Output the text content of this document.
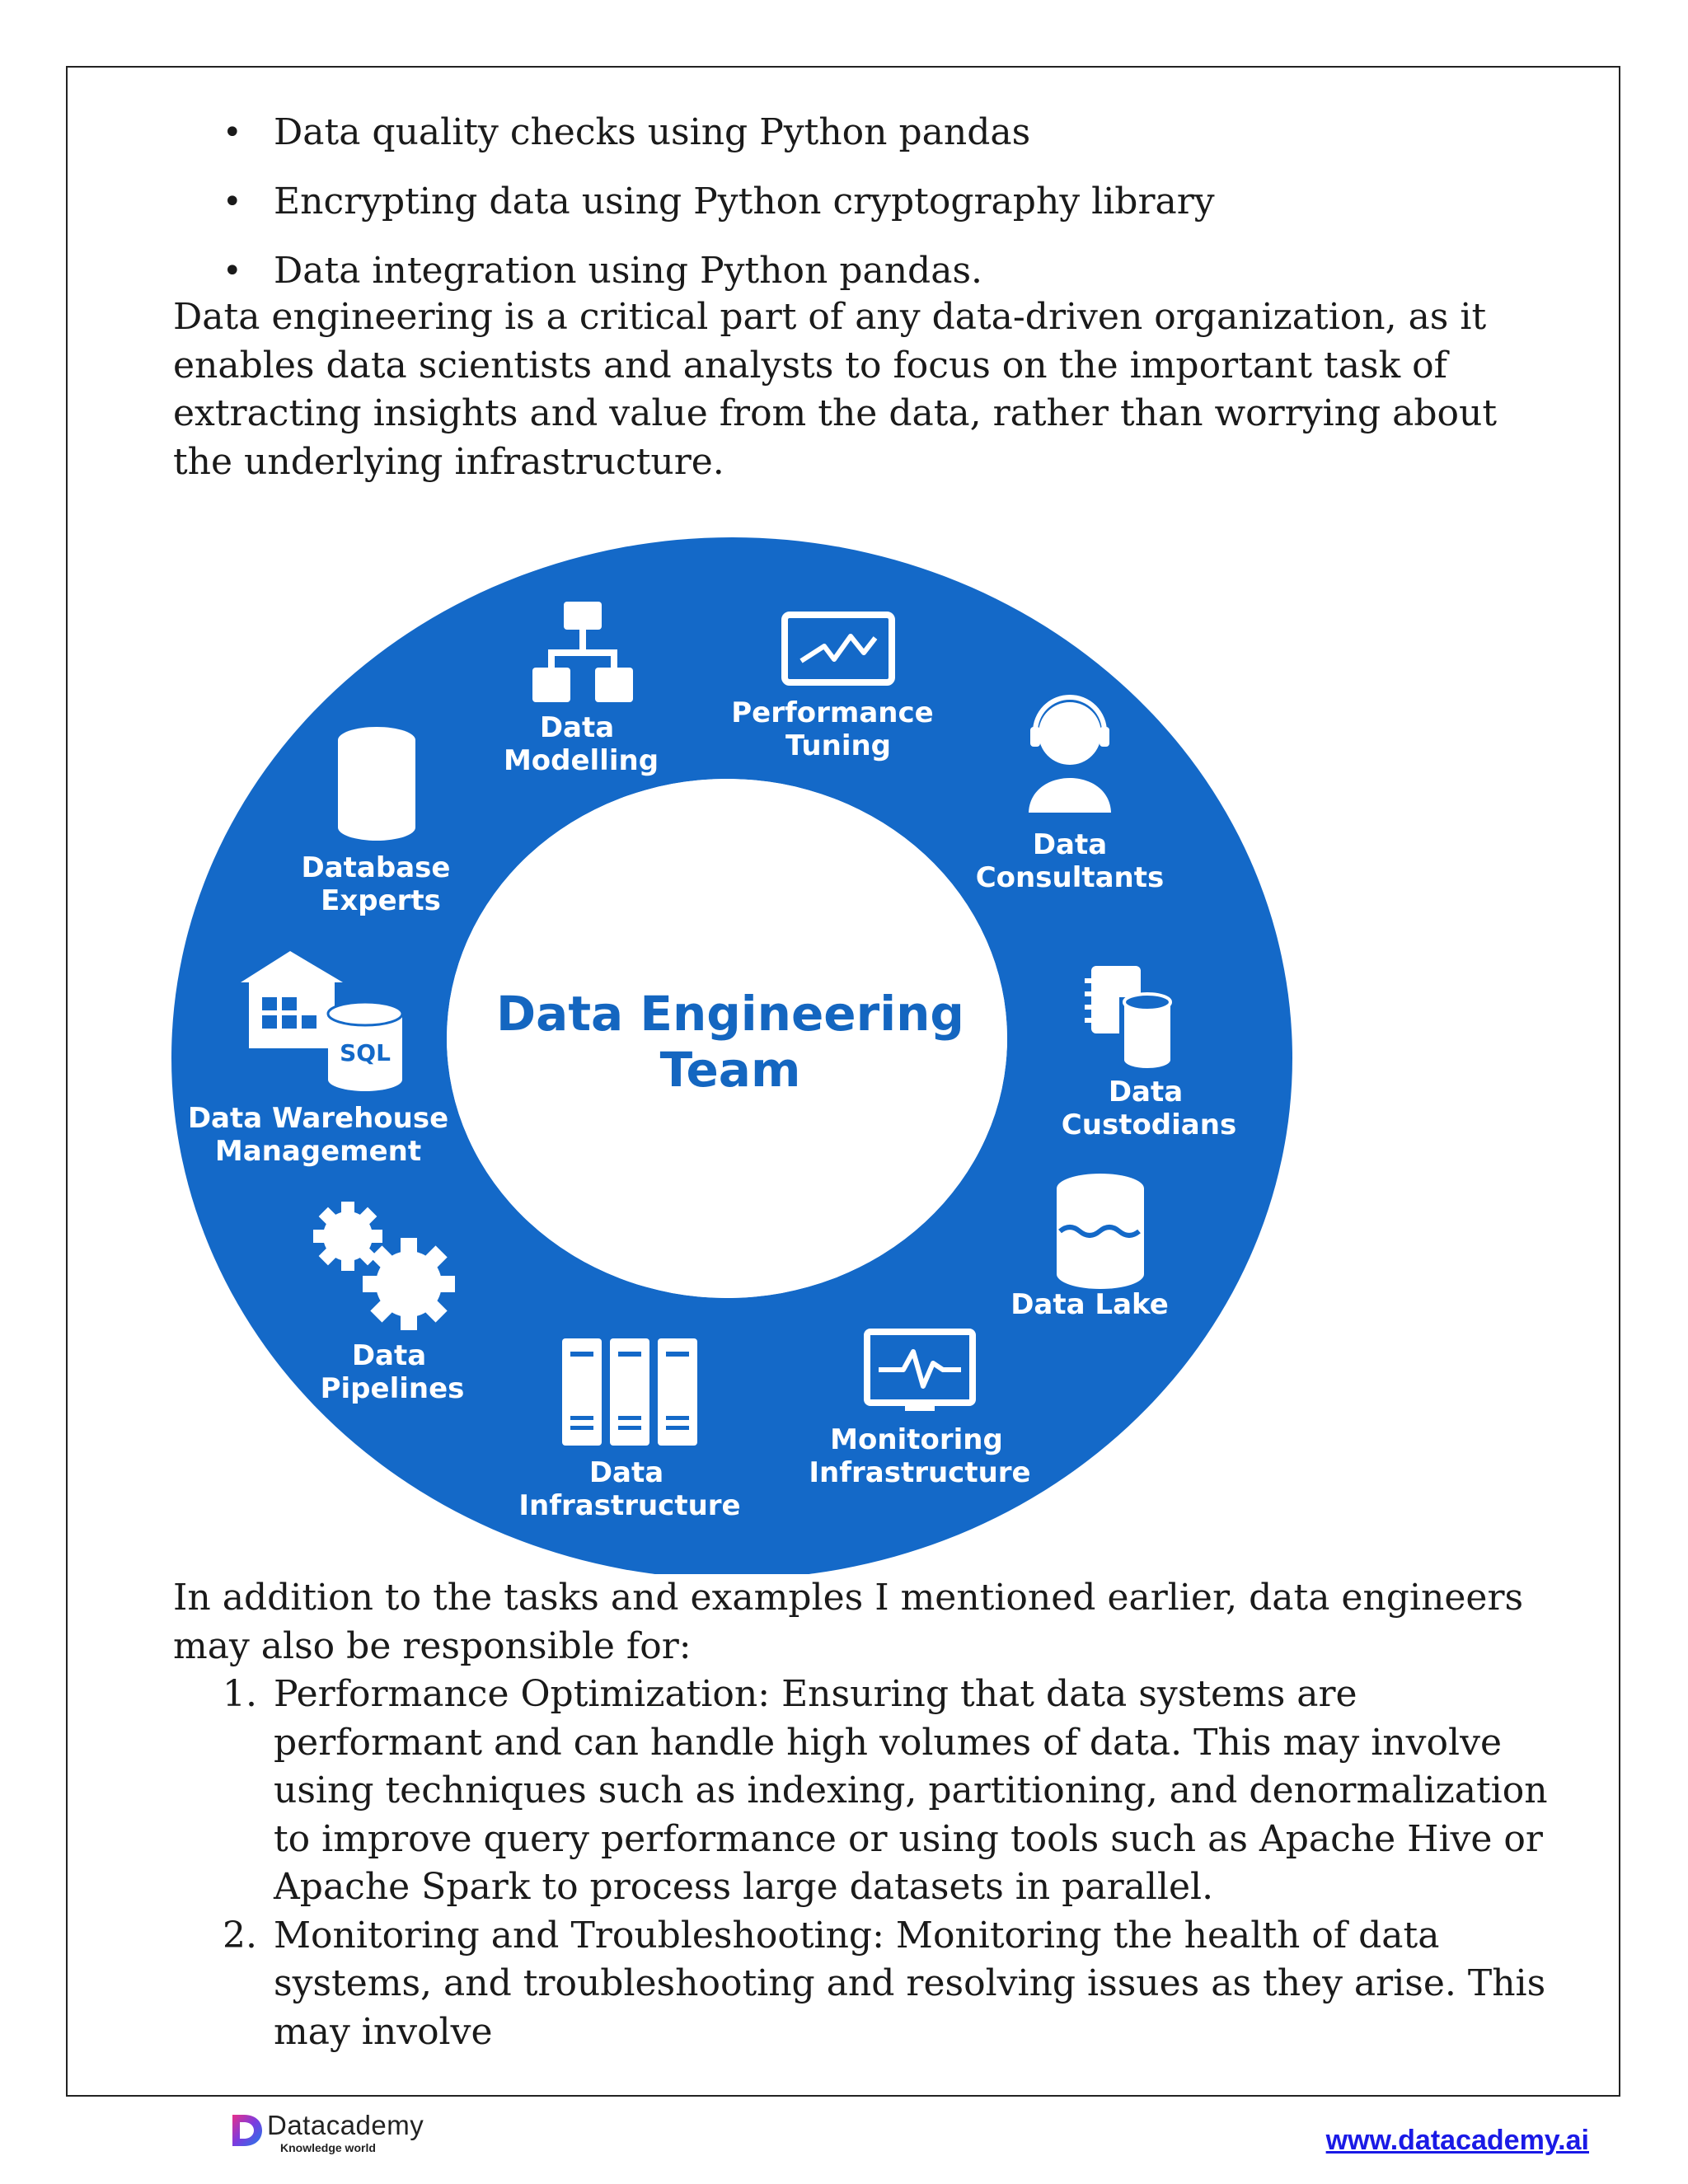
• Data quality checks using Python pandas
• Encrypting data using Python cryptography library
• Data integration using Python pandas.

Data engineering is a critical part of any data-driven organization, as it enables data scientists and analysts to focus on the important task of extracting insights and value from the data, rather than worrying about the underlying infrastructure.

Data Engineering
Team
SQL
Data Modelling
Performance Tuning
Data Consultants
Database Experts
Data Warehouse Management
Data Custodians
Data Lake
Data Pipelines
Data Infrastructure
Monitoring Infrastructure

In addition to the tasks and examples I mentioned earlier, data engineers may also be responsible for:

1. Performance Optimization: Ensuring that data systems are performant and can handle high volumes of data. This may involve using techniques such as indexing, partitioning, and denormalization to improve query performance or using tools such as Apache Hive or Apache Spark to process large datasets in parallel.
2. Monitoring and Troubleshooting: Monitoring the health of data systems, and troubleshooting and resolving issues as they arise. This may involve
Datacademy
Knowledge world	www.datacademy.ai
